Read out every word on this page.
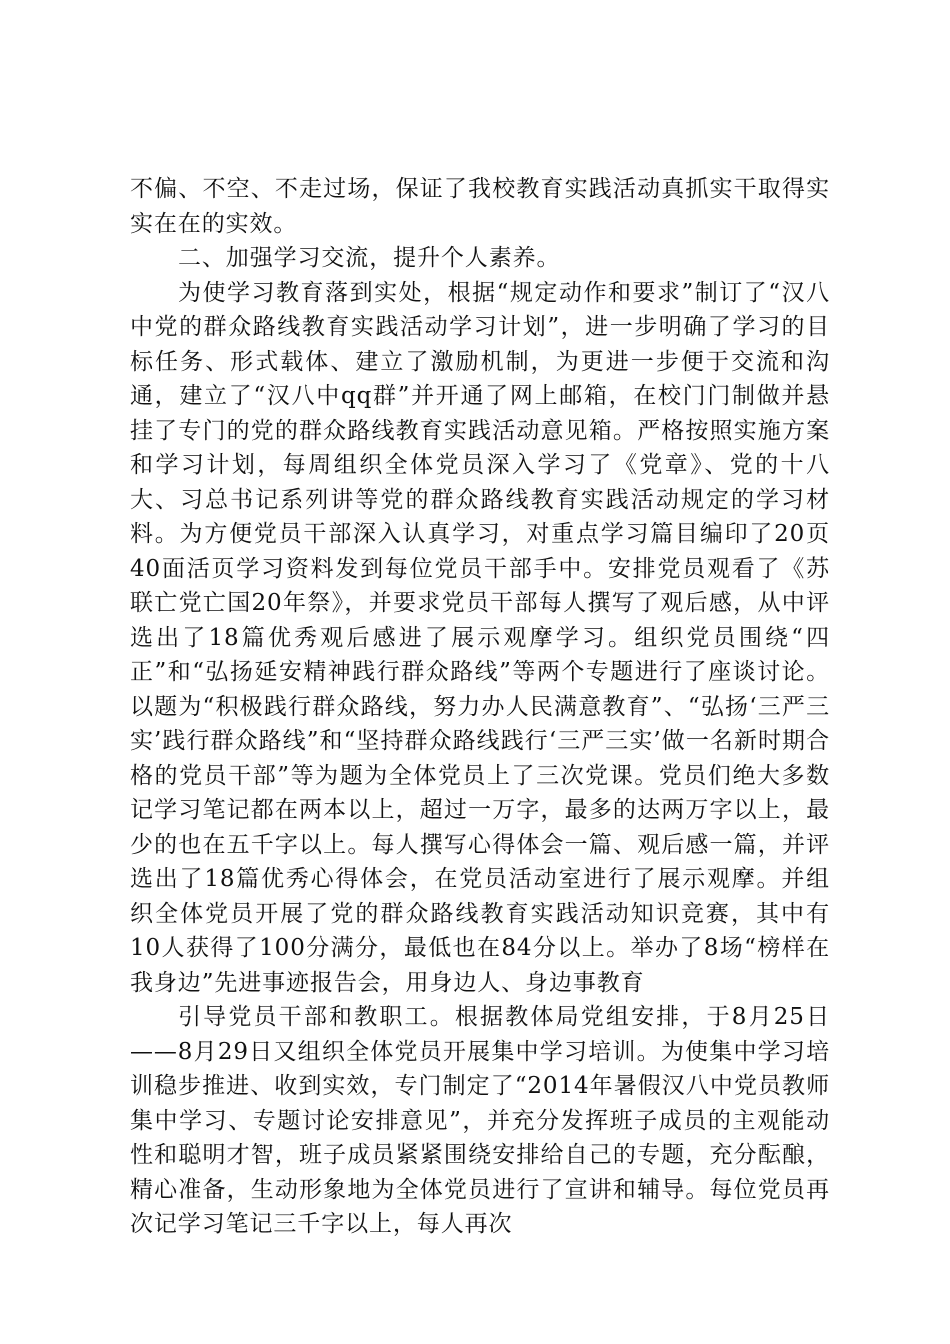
不偏、不空、不走过场，保证了我校教育实践活动真抓实干取得实实在在的实效。

二、加强学习交流，提升个人素养。

为使学习教育落到实处，根据“规定动作和要求”制订了“汉八中党的群众路线教育实践活动学习计划”，进一步明确了学习的目标任务、形式载体、建立了激励机制，为更进一步便于交流和沟通，建立了“汉八中qq群”并开通了网上邮箱，在校门门制做并悬挂了专门的党的群众路线教育实践活动意见箱。严格按照实施方案和学习计划，每周组织全体党员深入学习了《党章》、党的十八大、习总书记系列讲等党的群众路线教育实践活动规定的学习材料。为方便党员干部深入认真学习，对重点学习篇目编印了20页40面活页学习资料发到每位党员干部手中。安排党员观看了《苏联亡党亡国20年祭》，并要求党员干部每人撰写了观后感，从中评选出了18篇优秀观后感进了展示观摩学习。组织党员围绕“四正”和“弘扬延安精神践行群众路线”等两个专题进行了座谈讨论。以题为“积极践行群众路线，努力办人民满意教育”、“弘扬‘三严三实’践行群众路线”和“坚持群众路线践行‘三严三实’做一名新时期合格的党员干部”等为题为全体党员上了三次党课。党员们绝大多数记学习笔记都在两本以上，超过一万字，最多的达两万字以上，最少的也在五千字以上。每人撰写心得体会一篇、观后感一篇，并评选出了18篇优秀心得体会，在党员活动室进行了展示观摩。并组织全体党员开展了党的群众路线教育实践活动知识竞赛，其中有10人获得了100分满分，最低也在84分以上。举办了8场“榜样在我身边”先进事迹报告会，用身边人、身边事教育

引导党员干部和教职工。根据教体局党组安排，于8月25日——8月29日又组织全体党员开展集中学习培训。为使集中学习培训稳步推进、收到实效，专门制定了“2014年暑假汉八中党员教师集中学习、专题讨论安排意见”，并充分发挥班子成员的主观能动性和聪明才智，班子成员紧紧围绕安排给自己的专题，充分酝酿，精心准备，生动形象地为全体党员进行了宣讲和辅导。每位党员再次记学习笔记三千字以上，每人再次
